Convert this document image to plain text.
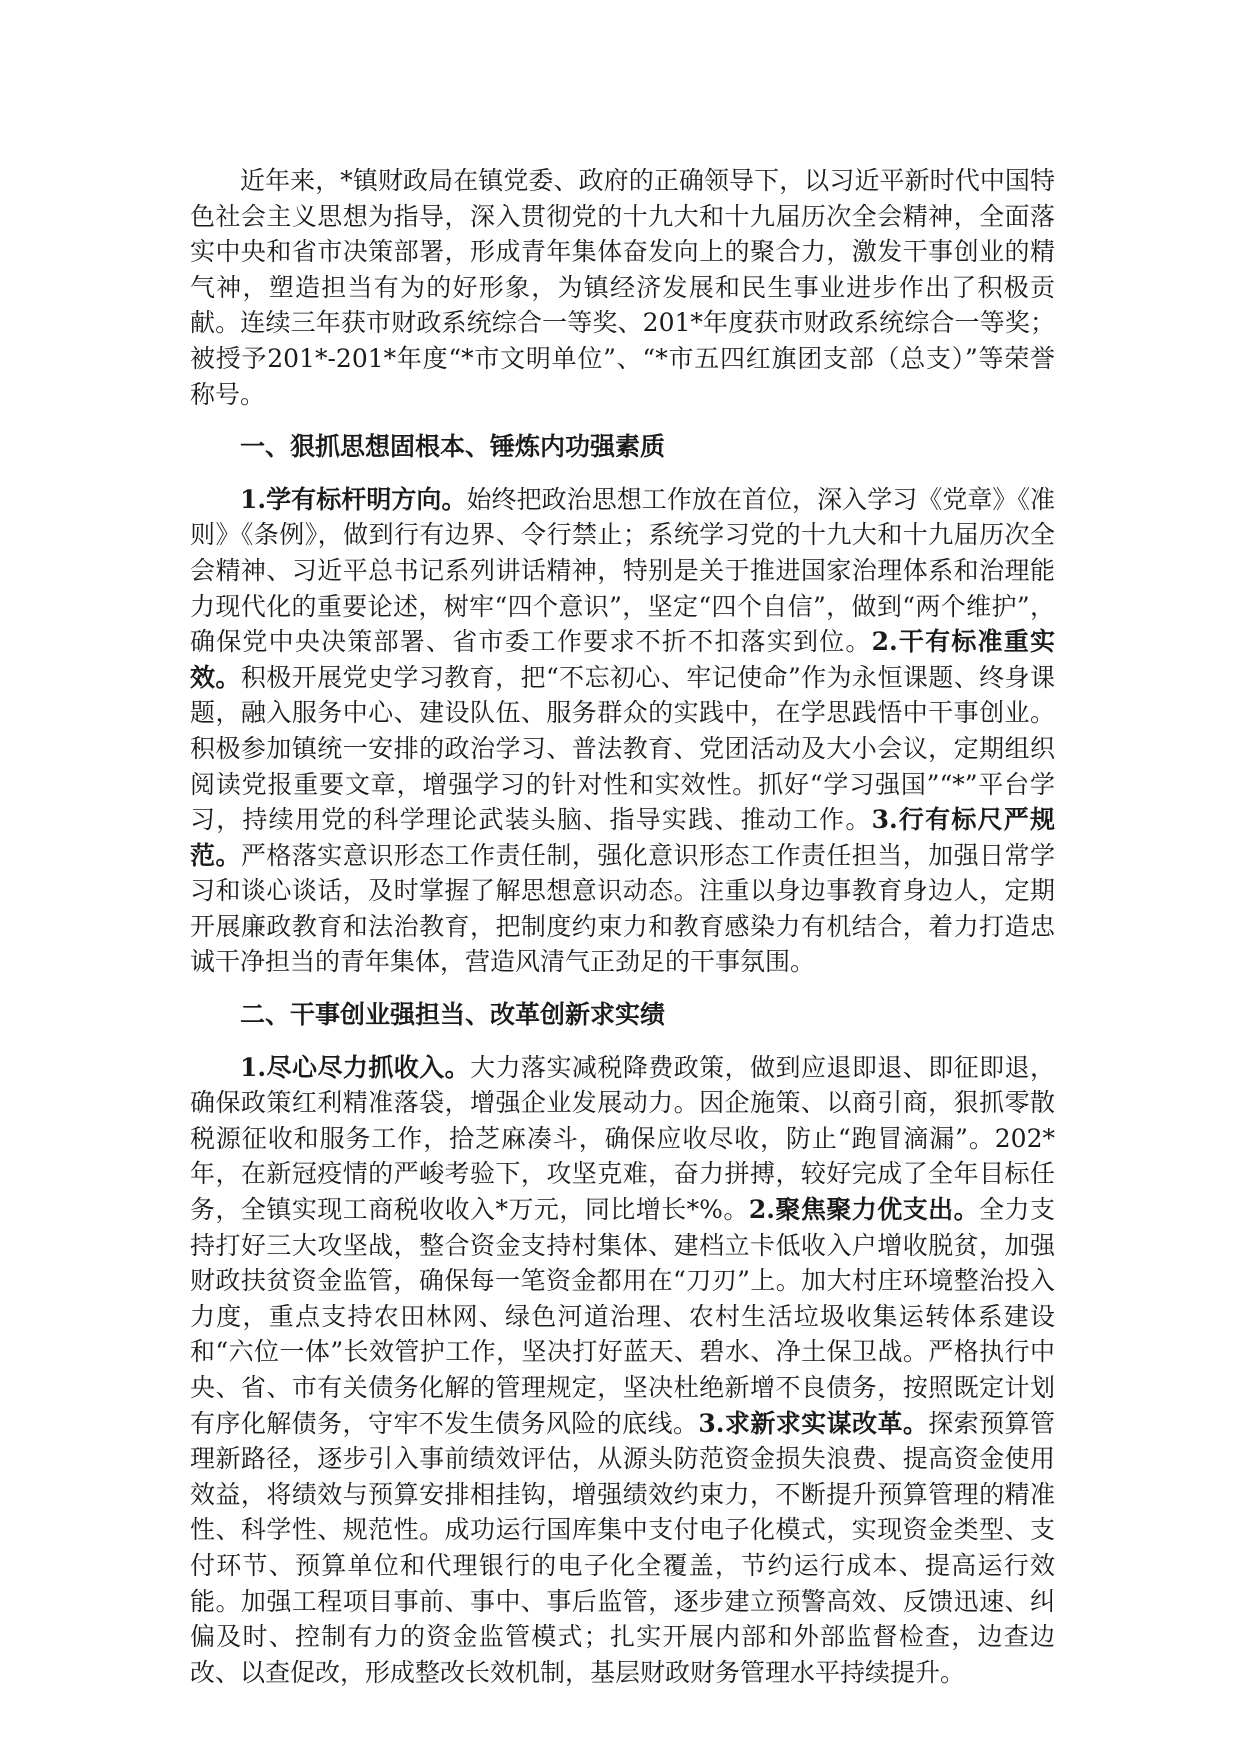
近年来，*镇财政局在镇党委、政府的正确领导下，以习近平新时代中国特色社会主义思想为指导，深入贯彻党的十九大和十九届历次全会精神，全面落实中央和省市决策部署，形成青年集体奋发向上的聚合力，激发干事创业的精气神，塑造担当有为的好形象，为镇经济发展和民生事业进步作出了积极贡献。连续三年获市财政系统综合一等奖、201*年度获市财政系统综合一等奖；被授予201*-201*年度“*市文明单位”、“*市五四红旗团支部（总支）”等荣誉称号。

一、狠抓思想固根本、锤炼内功强素质

1.学有标杆明方向。始终把政治思想工作放在首位，深入学习《党章》《准则》《条例》，做到行有边界、令行禁止；系统学习党的十九大和十九届历次全会精神、习近平总书记系列讲话精神，特别是关于推进国家治理体系和治理能力现代化的重要论述，树牢“四个意识”，坚定“四个自信”，做到“两个维护”，确保党中央决策部署、省市委工作要求不折不扣落实到位。2.干有标准重实效。积极开展党史学习教育，把“不忘初心、牢记使命”作为永恒课题、终身课题，融入服务中心、建设队伍、服务群众的实践中，在学思践悟中干事创业。积极参加镇统一安排的政治学习、普法教育、党团活动及大小会议，定期组织阅读党报重要文章，增强学习的针对性和实效性。抓好“学习强国”“*”平台学习，持续用党的科学理论武装头脑、指导实践、推动工作。3.行有标尺严规范。严格落实意识形态工作责任制，强化意识形态工作责任担当，加强日常学习和谈心谈话，及时掌握了解思想意识动态。注重以身边事教育身边人，定期开展廉政教育和法治教育，把制度约束力和教育感染力有机结合，着力打造忠诚干净担当的青年集体，营造风清气正劲足的干事氛围。

二、干事创业强担当、改革创新求实绩

1.尽心尽力抓收入。大力落实减税降费政策，做到应退即退、即征即退，确保政策红利精准落袋，增强企业发展动力。因企施策、以商引商，狠抓零散税源征收和服务工作，拾芝麻凑斗，确保应收尽收，防止“跑冒滴漏”。202*年，在新冠疫情的严峻考验下，攻坚克难，奋力拼搏，较好完成了全年目标任务，全镇实现工商税收收入*万元，同比增长*%。2.聚焦聚力优支出。全力支持打好三大攻坚战，整合资金支持村集体、建档立卡低收入户增收脱贫，加强财政扶贫资金监管，确保每一笔资金都用在“刀刃”上。加大村庄环境整治投入力度，重点支持农田林网、绿色河道治理、农村生活垃圾收集运转体系建设和“六位一体”长效管护工作，坚决打好蓝天、碧水、净土保卫战。严格执行中央、省、市有关债务化解的管理规定，坚决杜绝新增不良债务，按照既定计划有序化解债务，守牢不发生债务风险的底线。3.求新求实谋改革。探索预算管理新路径，逐步引入事前绩效评估，从源头防范资金损失浪费、提高资金使用效益，将绩效与预算安排相挂钩，增强绩效约束力，不断提升预算管理的精准性、科学性、规范性。成功运行国库集中支付电子化模式，实现资金类型、支付环节、预算单位和代理银行的电子化全覆盖，节约运行成本、提高运行效能。加强工程项目事前、事中、事后监管，逐步建立预警高效、反馈迅速、纠偏及时、控制有力的资金监管模式；扎实开展内部和外部监督检查，边查边改、以查促改，形成整改长效机制，基层财政财务管理水平持续提升。
